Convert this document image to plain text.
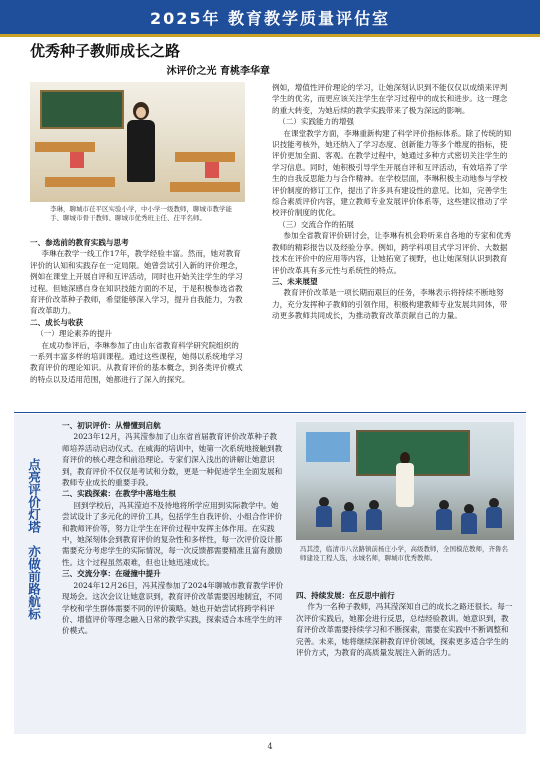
2025年 教育教学质量评估室
优秀种子教师成长之路
沐评价之光 育桃李华章
李琳，聊城市茌平区实验小学，中小学一级教师，聊城市教学能手、聊城市骨干教师、聊城市优秀班主任、茌平名师。

一、参选前的教育实践与思考

李琳在教学一线工作17年，教学经验丰富。然而，她对教育评价的认知和实践存在一定局限。她曾尝试引入新的评价理念，例如在课堂上开展自评和互评活动，同时也开始关注学生的学习过程。但她深感自身在知识技能方面的不足，于是积极参选省教育评价改革种子教师，希望能够深入学习，提升自我能力，为教育改革助力。

二、成长与收获

（一）理论素养的提升

在成功参评后，李琳参加了由山东省教育科学研究院组织的一系列丰富多样的培训课程。通过这些课程，她得以系统地学习教育评价的理论知识。从教育评价的基本概念，到各类评价模式的特点以及适用范围，她都进行了深入的探究。

例如，增值性评价理论的学习，让她深刻认识到不能仅仅以成绩来评判学生的优劣，而更应该关注学生在学习过程中的成长和进步。这一理念的重大转变，为她后续的教学实践带来了极为深远的影响。

（二）实践能力的增强

在课堂教学方面，李琳重新构建了科学评价指标体系。除了传统的知识技能考核外，她还纳入了学习态度、创新能力等多个维度的指标，使评价更加全面、客观。在教学过程中，她通过多种方式密切关注学生的学习信息。同时，她积极引导学生开展自评和互评活动，有效培养了学生的自我反思能力与合作精神。在学校层面，李琳积极主动地参与学校评价制度的修订工作，提出了许多具有建设性的意见。比如，完善学生综合素质评价内容，建立教师专业发展评价体系等，这些建议推动了学校评价制度的优化。

（三）交流合作的拓展

参加全省教育评价研讨会，让李琳有机会聆听来自各地的专家和优秀教师的精彩报告以及经验分享。例如，跨学科项目式学习评价、大数据技术在评价中的应用等内容，让她拓宽了视野，也让她深刻认识到教育评价改革具有多元性与系统性的特点。

三、未来展望

教育评价改革是一项长期而艰巨的任务，李琳表示将持续不断地努力，充分发挥种子教师的引领作用，积极构建教师专业发展共同体，带动更多教师共同成长，为推动教育改革贡献自己的力量。

点亮评价灯塔
亦做前路航标

一、初识评价：从懵懂到启航

2023年12月，冯其滢参加了山东省首届教育评价改革种子教师培养活动启动仪式。在威海的培训中，她第一次系统地接触到教育评价的核心理念和前沿理论。专家们深入浅出的讲解让她意识到，教育评价不仅仅是考试和分数，更是一种促进学生全面发展和教师专业成长的重要手段。

二、实践探索：在教学中落地生根

回到学校后，冯其滢迫不及待地将所学应用到实际教学中。她尝试设计了多元化的评价工具，包括学生自我评价、小组合作评价和教师评价等，努力让学生在评价过程中发挥主体作用。在实践中，她深刻体会到教育评价的复杂性和多样性，每一次评价设计都需要充分考虑学生的实际情况，每一次反馈都需要精准且富有激励性。这个过程虽然艰难，但也让她迅速成长。

三、交流分享：在碰撞中提升

2024年12月26日，冯其滢参加了2024年聊城市教育教学评价现场会。这次会议让她意识到，教育评价改革需要因地制宜，不同学校和学生群体需要不同的评价策略。她也开始尝试将跨学科评价、增值评价等理念融入日常的教学实践，探索适合本班学生的评价模式。

冯其滢，临清市八岔路镇前杨庄小学，高级教师，全国模范教师，齐鲁名师建设工程人选，水城名师，聊城市优秀教师。

四、持续发展：在反思中前行

作为一名种子教师，冯其滢深知自己的成长之路还很长。每一次评价实践后，她都会进行反思，总结经验教训。她意识到，教育评价改革需要持续学习和不断探索，需要在实践中不断调整和完善。未来，她将继续深耕教育评价领域，探索更多适合学生的评价方式，为教育的高质量发展注入新的活力。

4
